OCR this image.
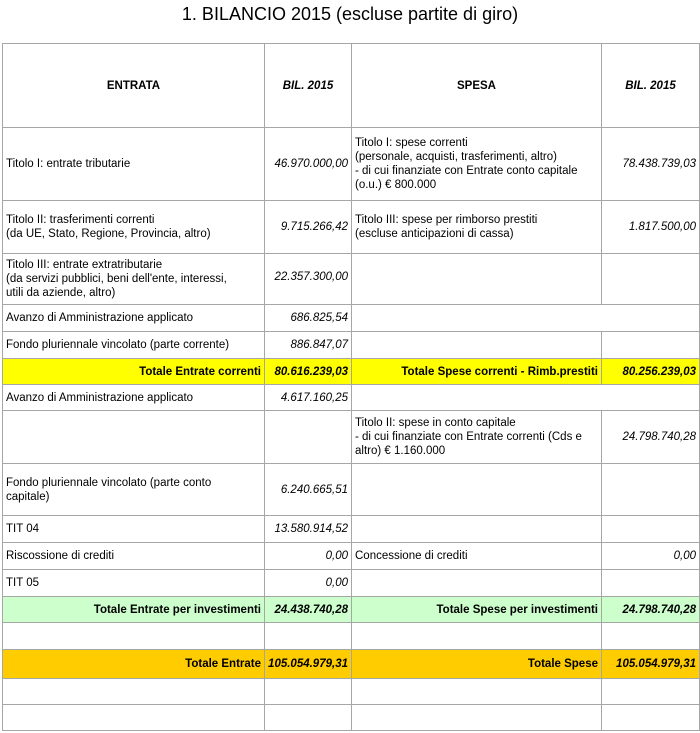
1. BILANCIO 2015 (escluse partite di giro)
ENTRATA	BIL. 2015	SPESA	BIL. 2015

Titolo I: entrate tributarie	46.970.000,00	Titolo I: spese correnti
(personale, acquisti, trasferimenti, altro)
- di cui finanziate con Entrate conto capitale
(o.u.) € 800.000	78.438.739,03

Titolo II: trasferimenti correnti
(da UE, Stato, Regione, Provincia, altro)	9.715.266,42	Titolo III: spese per rimborso prestiti
(escluse anticipazioni di cassa)	1.817.500,00

Titolo III: entrate extratributarie
(da servizi pubblici, beni dell'ente, interessi,
utili da aziende, altro)	22.357.300,00		
Avanzo di Amministrazione applicato	686.825,54		
Fondo pluriennale vincolato (parte corrente)	886.847,07		
Totale Entrate correnti	80.616.239,03	Totale Spese correnti - Rimb.prestiti	80.256.239,03
Avanzo di Amministrazione applicato	4.617.160,25		

		Titolo II: spese in conto capitale
- di cui finanziate con Entrate correnti (Cds e
altro) € 1.160.000	24.798.740,28

Fondo pluriennale vincolato (parte conto
capitale)	6.240.665,51		
TIT 04	13.580.914,52		
Riscossione di crediti	0,00	Concessione di crediti	0,00
TIT 05	0,00		
Totale Entrate per investimenti	24.438.740,28	Totale Spese per investimenti	24.798.740,28

Totale Entrate	105.054.979,31	Totale Spese	105.054.979,31
